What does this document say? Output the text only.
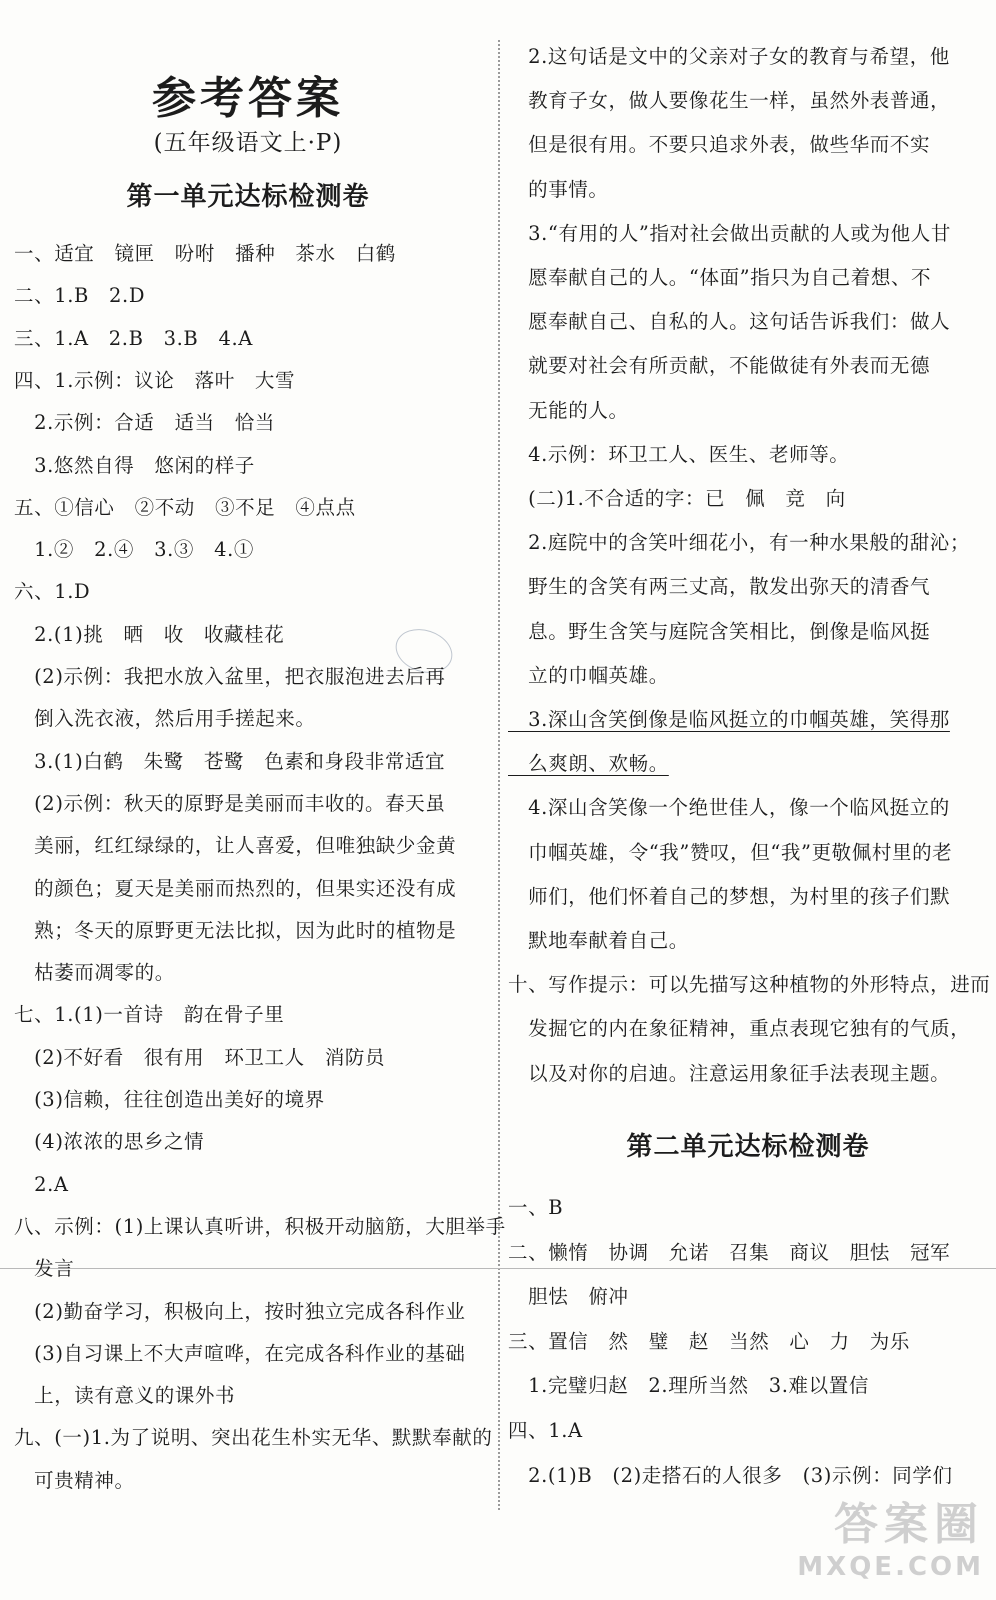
参考答案
(五年级语文上·P)
第一单元达标检测卷
一、适宜　镜匣　吩咐　播种　茶水　白鹤
二、1.B　2.D
三、1.A　2.B　3.B　4.A
四、1.示例：议论　落叶　大雪
　2.示例：合适　适当　恰当
　3.悠然自得　悠闲的样子
五、①信心　②不动　③不足　④点点
　1.②　2.④　3.③　4.①
六、1.D
　2.(1)挑　晒　收　收藏桂花
　(2)示例：我把水放入盆里，把衣服泡进去后再
　倒入洗衣液，然后用手搓起来。
　3.(1)白鹤　朱鹭　苍鹭　色素和身段非常适宜
　(2)示例：秋天的原野是美丽而丰收的。春天虽
　美丽，红红绿绿的，让人喜爱，但唯独缺少金黄
　的颜色；夏天是美丽而热烈的，但果实还没有成
　熟；冬天的原野更无法比拟，因为此时的植物是
　枯萎而凋零的。
七、1.(1)一首诗　韵在骨子里
　(2)不好看　很有用　环卫工人　消防员
　(3)信赖，往往创造出美好的境界
　(4)浓浓的思乡之情
　2.A
八、示例：(1)上课认真听讲，积极开动脑筋，大胆举手
　发言
　(2)勤奋学习，积极向上，按时独立完成各科作业
　(3)自习课上不大声喧哗，在完成各科作业的基础
　上，读有意义的课外书
九、(一)1.为了说明、突出花生朴实无华、默默奉献的
　可贵精神。
　2.这句话是文中的父亲对子女的教育与希望，他
　教育子女，做人要像花生一样，虽然外表普通，
　但是很有用。不要只追求外表，做些华而不实
　的事情。
　3.“有用的人”指对社会做出贡献的人或为他人甘
　愿奉献自己的人。“体面”指只为自己着想、不
　愿奉献自己、自私的人。这句话告诉我们：做人
　就要对社会有所贡献，不能做徒有外表而无德
　无能的人。
　4.示例：环卫工人、医生、老师等。
　(二)1.不合适的字：已　佩　竞　向
　2.庭院中的含笑叶细花小，有一种水果般的甜沁；
　野生的含笑有两三丈高，散发出弥天的清香气
　息。野生含笑与庭院含笑相比，倒像是临风挺
　立的巾帼英雄。
　3.深山含笑倒像是临风挺立的巾帼英雄，笑得那
　么爽朗、欢畅。
　4.深山含笑像一个绝世佳人，像一个临风挺立的
　巾帼英雄，令“我”赞叹，但“我”更敬佩村里的老
　师们，他们怀着自己的梦想，为村里的孩子们默
　默地奉献着自己。
十、写作提示：可以先描写这种植物的外形特点，进而
　发掘它的内在象征精神，重点表现它独有的气质，
　以及对你的启迪。注意运用象征手法表现主题。
第二单元达标检测卷
一、B
二、懒惰　协调　允诺　召集　商议　胆怯　冠军
　胆怯　俯冲
三、置信　然　璧　赵　当然　心　力　为乐
　1.完璧归赵　2.理所当然　3.难以置信
四、1.A
　2.(1)B　(2)走搭石的人很多　(3)示例：同学们
答案圈
MXQE.COM
